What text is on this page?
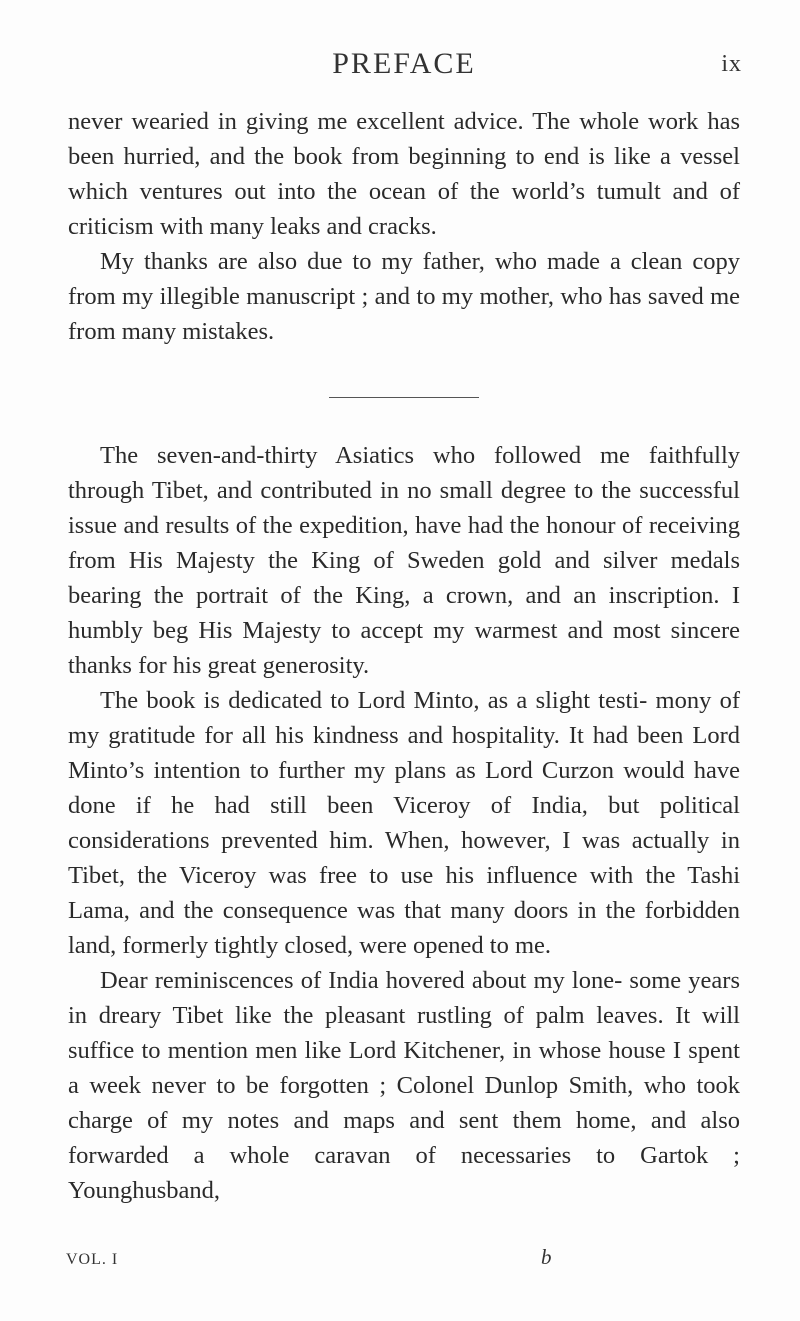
PREFACE	ix

never wearied in giving me excellent advice. The whole work has been hurried, and the book from beginning to end is like a vessel which ventures out into the ocean of the world’s tumult and of criticism with many leaks and cracks.

My thanks are also due to my father, who made a clean copy from my illegible manuscript ; and to my mother, who has saved me from many mistakes.

The seven-and-thirty Asiatics who followed me faithfully through Tibet, and contributed in no small degree to the successful issue and results of the expedition, have had the honour of receiving from His Majesty the King of Sweden gold and silver medals bearing the portrait of the King, a crown, and an inscription. I humbly beg His Majesty to accept my warmest and most sincere thanks for his great generosity.

The book is dedicated to Lord Minto, as a slight testi- mony of my gratitude for all his kindness and hospitality. It had been Lord Minto’s intention to further my plans as Lord Curzon would have done if he had still been Viceroy of India, but political considerations prevented him. When, however, I was actually in Tibet, the Viceroy was free to use his influence with the Tashi Lama, and the consequence was that many doors in the forbidden land, formerly tightly closed, were opened to me.

Dear reminiscences of India hovered about my lone- some years in dreary Tibet like the pleasant rustling of palm leaves. It will suffice to mention men like Lord Kitchener, in whose house I spent a week never to be forgotten ; Colonel Dunlop Smith, who took charge of my notes and maps and sent them home, and also forwarded a whole caravan of necessaries to Gartok ; Younghusband,

VOL. I	b
